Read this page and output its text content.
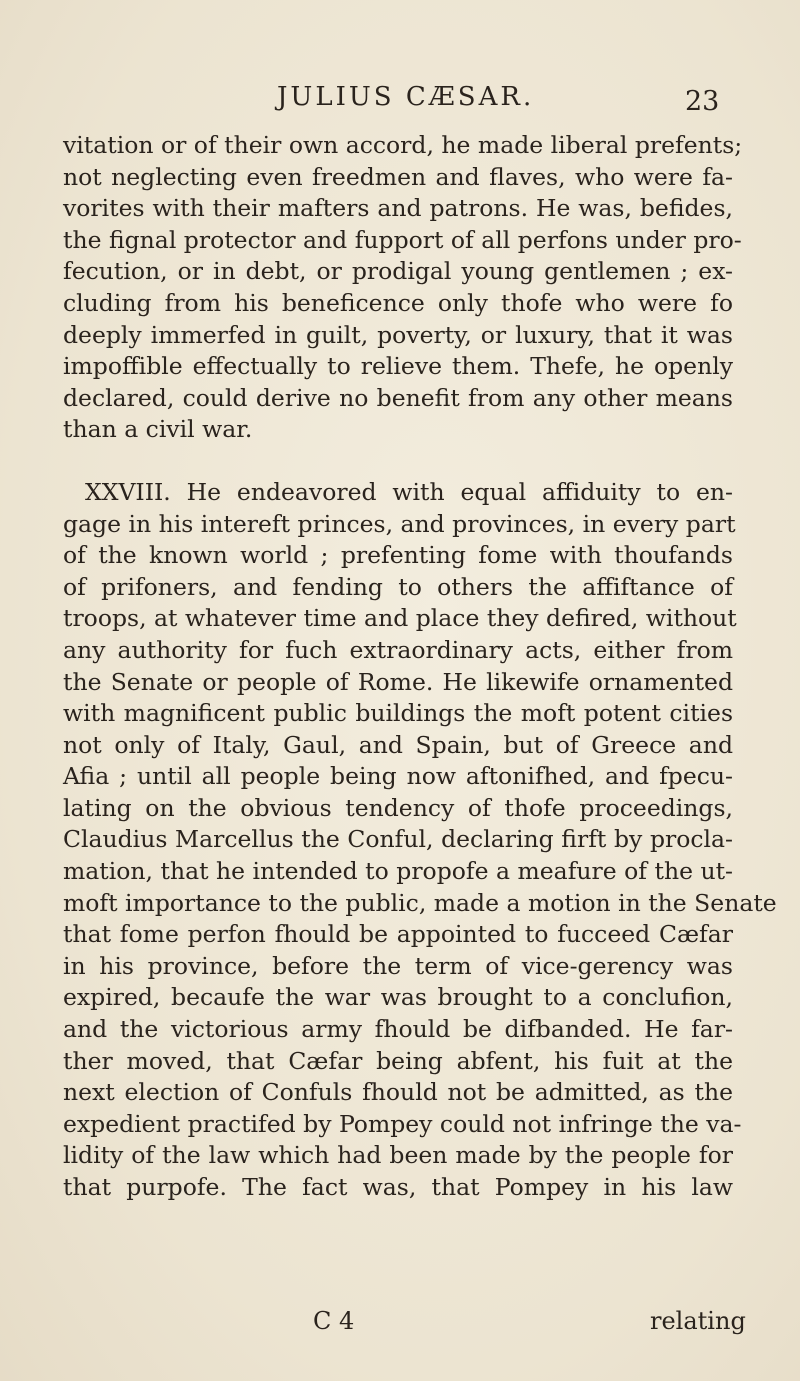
JULIUS CÆSAR.	23
vitation or of their own accord, he made liberal prefents;
not neglecting even freedmen and flaves, who were fa-
vorites with their mafters and patrons. He was, befides,
the fignal protector and fupport of all perfons under pro-
fecution, or in debt, or prodigal young gentlemen ; ex-
cluding from his beneficence only thofe who were fo
deeply immerfed in guilt, poverty, or luxury, that it was
impoffible effectually to relieve them. Thefe, he openly
declared, could derive no benefit from any other means
than a civil war.
XXVIII. He endeavored with equal affiduity to en-
gage in his intereft princes, and provinces, in every part
of the known world ; prefenting fome with thoufands
of prifoners, and fending to others the affiftance of
troops, at whatever time and place they defired, without
any authority for fuch extraordinary acts, either from
the Senate or people of Rome. He likewife ornamented
with magnificent public buildings the moft potent cities
not only of Italy, Gaul, and Spain, but of Greece and
Afia ; until all people being now aftonifhed, and fpecu-
lating on the obvious tendency of thofe proceedings,
Claudius Marcellus the Conful, declaring firft by procla-
mation, that he intended to propofe a meafure of the ut-
moft importance to the public, made a motion in the Senate
that fome perfon fhould be appointed to fucceed Cæfar
in his province, before the term of vice-gerency was
expired, becaufe the war was brought to a conclufion,
and the victorious army fhould be difbanded. He far-
ther moved, that Cæfar being abfent, his fuit at the
next election of Confuls fhould not be admitted, as the
expedient practifed by Pompey could not infringe the va-
lidity of the law which had been made by the people for
that purpofe. The fact was, that Pompey in his law
C 4	relating
